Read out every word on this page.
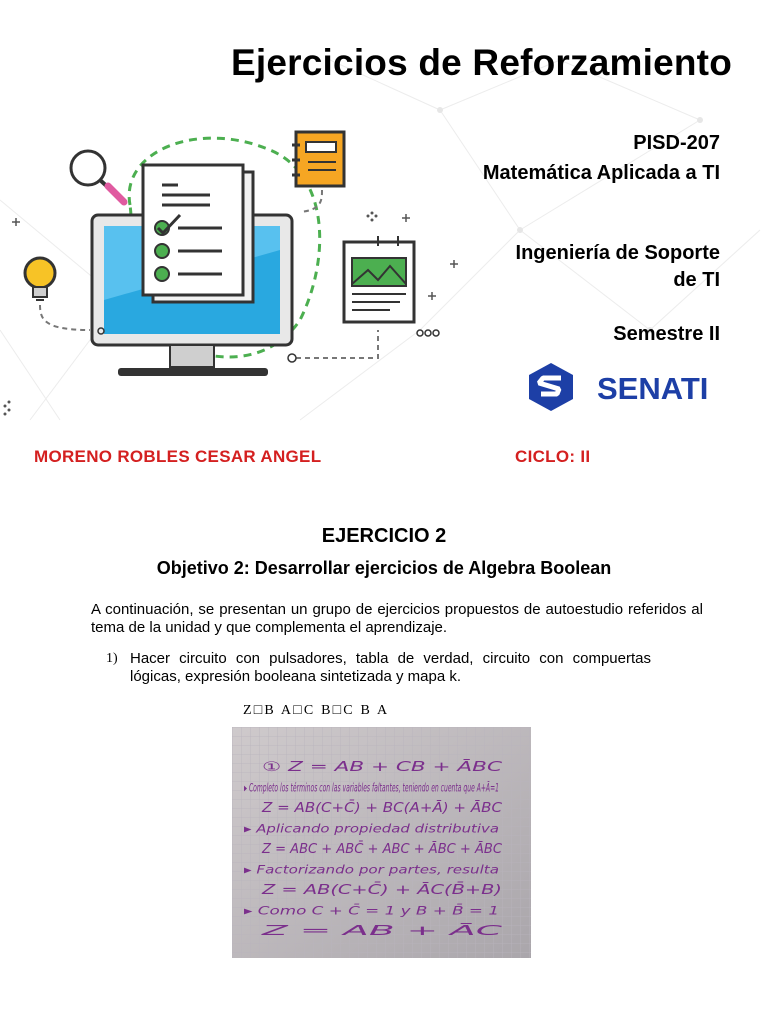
Ejercicios de Reforzamiento
PISD-207
Matemática Aplicada a TI
Ingeniería de Soporte
de TI
Semestre II
SENATI
MORENO ROBLES CESAR ANGEL	CICLO: II
EJERCICIO 2
Objetivo 2: Desarrollar ejercicios de Algebra Boolean
A continuación, se presentan un grupo de ejercicios propuestos de autoestudio referidos al tema de la unidad y que complementa el aprendizaje.
1) Hacer circuito con pulsadores, tabla de verdad, circuito con compuertas lógicas, expresión booleana sintetizada y mapa k.
Z□B A□C B□C B A
① Z = AB + CB + ĀBC
▸ Completo los términos con las variables faltantes, teniendo en cuenta que A+Ā=1
Z = AB(C+C̄) + BC(A+Ā) + ĀBC
▸ Aplicando propiedad distributiva
Z = ABC + ABC̄ + ABC + ĀBC + ĀBC
▸ Factorizando por partes, resulta
Z = AB(C+C̄) + ĀC(B̄+B)
▸ Como C + C̄ = 1 y B + B̄ = 1
Z = AB + ĀC
